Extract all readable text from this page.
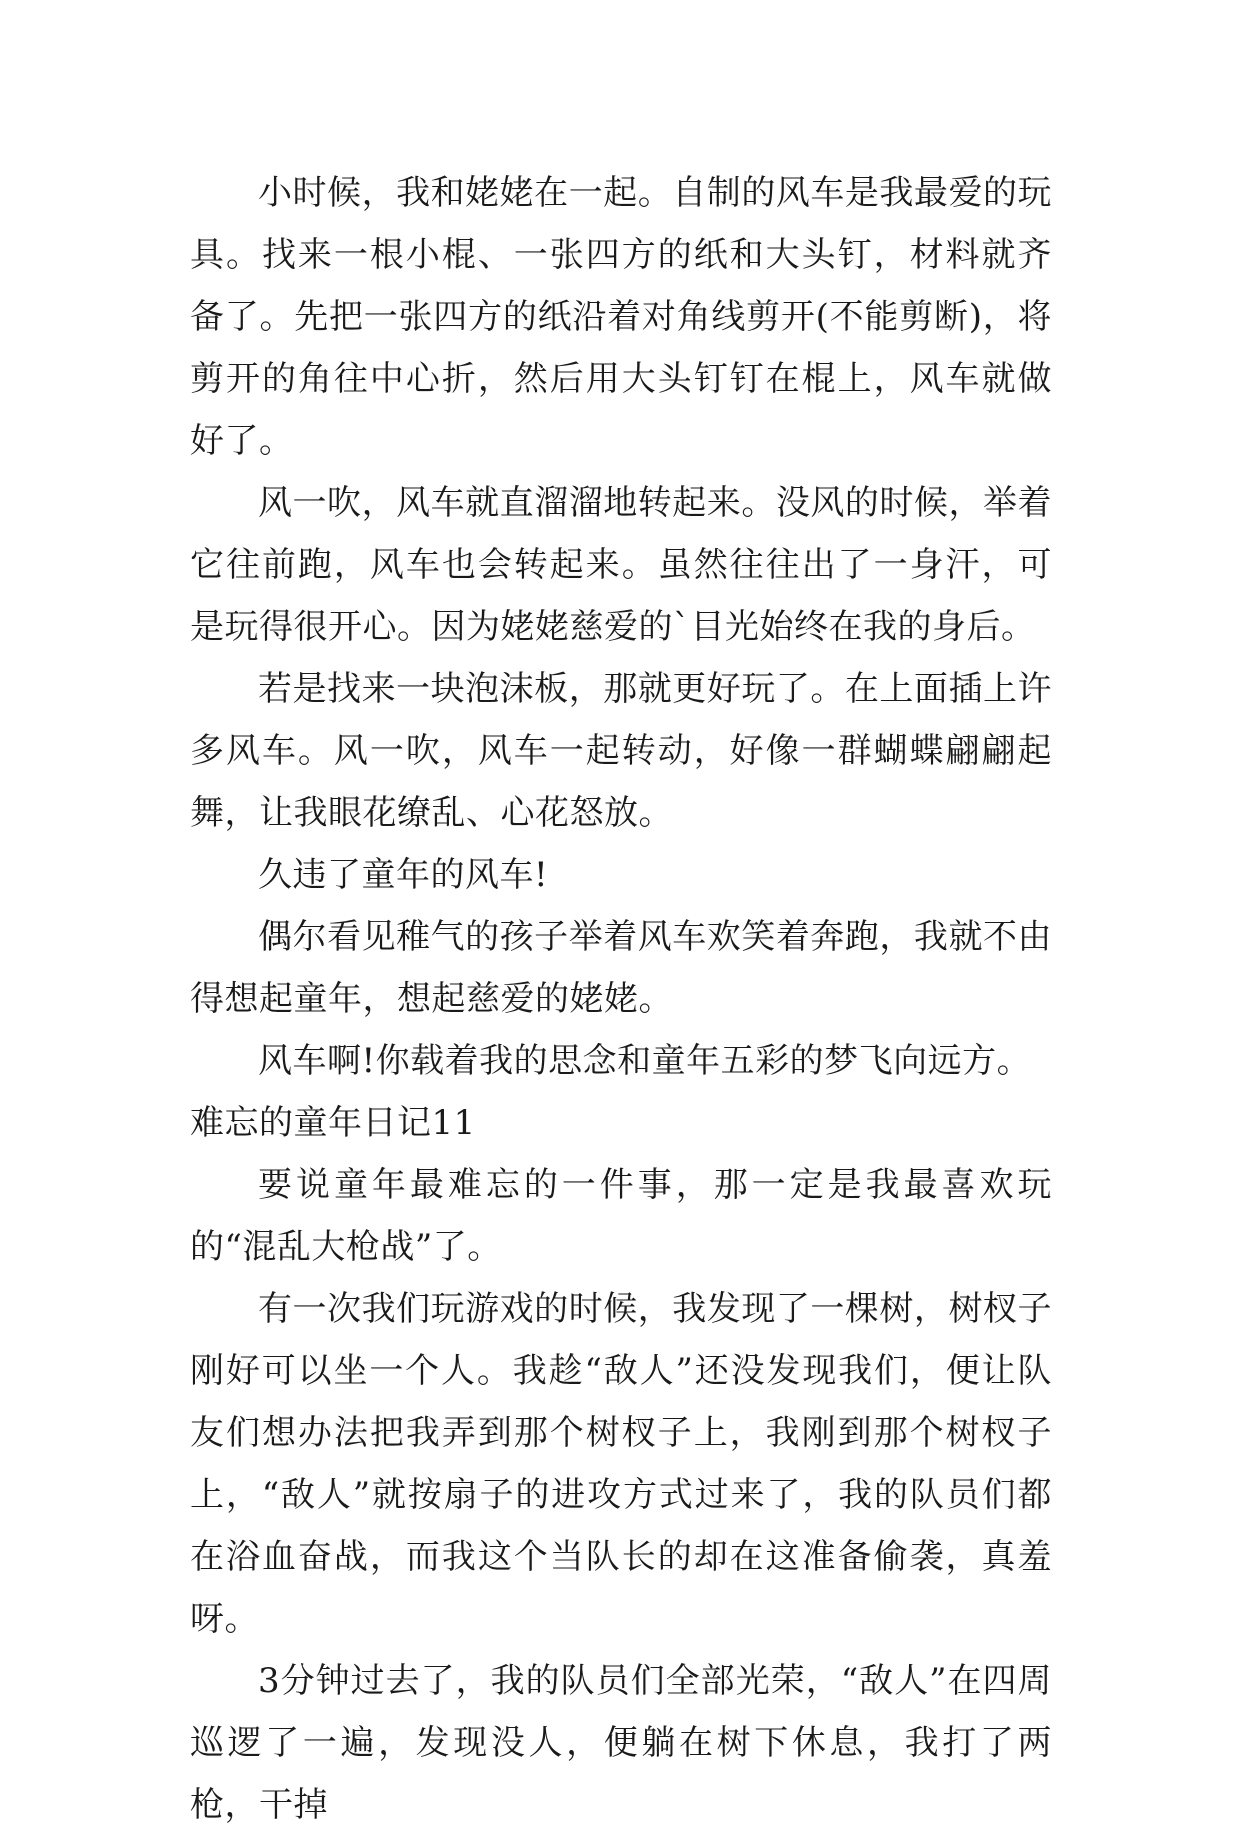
小时候，我和姥姥在一起。自制的风车是我最爱的玩具。找来一根小棍、一张四方的纸和大头钉，材料就齐备了。先把一张四方的纸沿着对角线剪开(不能剪断)，将剪开的角往中心折，然后用大头钉钉在棍上，风车就做好了。

风一吹，风车就直溜溜地转起来。没风的时候，举着它往前跑，风车也会转起来。虽然往往出了一身汗，可是玩得很开心。因为姥姥慈爱的`目光始终在我的身后。

若是找来一块泡沫板，那就更好玩了。在上面插上许多风车。风一吹，风车一起转动，好像一群蝴蝶翩翩起舞，让我眼花缭乱、心花怒放。

久违了童年的风车!

偶尔看见稚气的孩子举着风车欢笑着奔跑，我就不由得想起童年，想起慈爱的姥姥。

风车啊!你载着我的思念和童年五彩的梦飞向远方。

难忘的童年日记11

要说童年最难忘的一件事，那一定是我最喜欢玩的“混乱大枪战”了。

有一次我们玩游戏的时候，我发现了一棵树，树杈子刚好可以坐一个人。我趁“敌人”还没发现我们，便让队友们想办法把我弄到那个树杈子上，我刚到那个树杈子上，“敌人”就按扇子的进攻方式过来了，我的队员们都在浴血奋战，而我这个当队长的却在这准备偷袭，真羞呀。

3分钟过去了，我的队员们全部光荣，“敌人”在四周巡逻了一遍，发现没人，便躺在树下休息，我打了两枪，干掉
